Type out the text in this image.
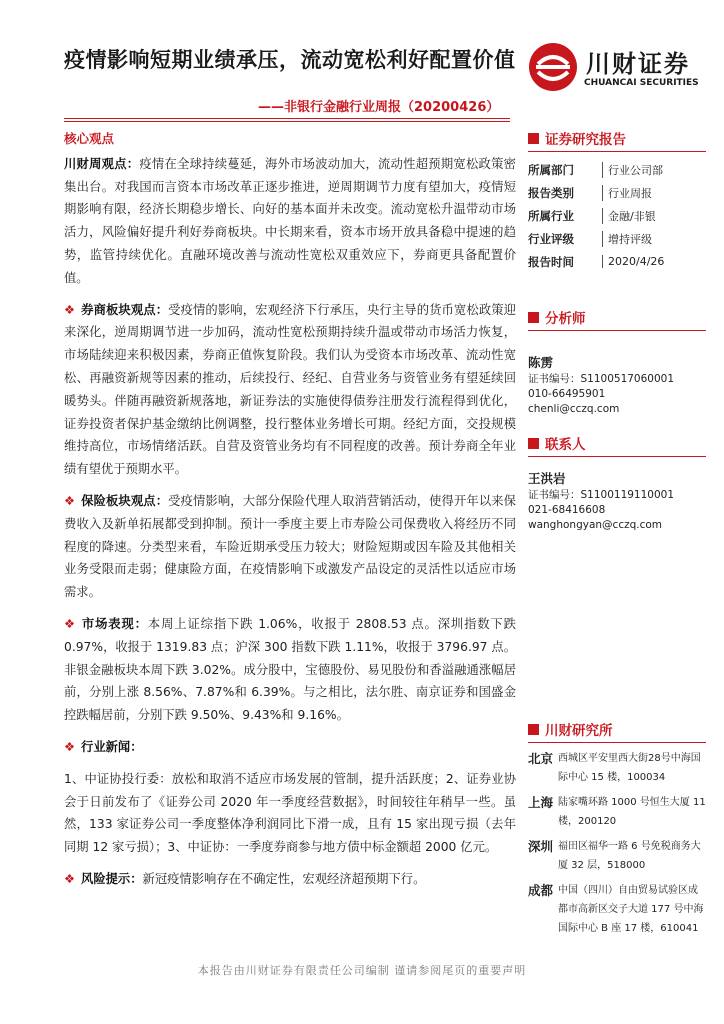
疫情影响短期业绩承压，流动宽松利好配置价值
——非银行金融行业周报（20200426）
川财证券
CHUANCAI SECURITIES
核心观点

川财周观点：疫情在全球持续蔓延，海外市场波动加大，流动性超预期宽松政策密集出台。对我国而言资本市场改革正逐步推进，逆周期调节力度有望加大，疫情短期影响有限，经济长期稳步增长、向好的基本面并未改变。流动宽松升温带动市场活力，风险偏好提升利好券商板块。中长期来看，资本市场开放具备稳中提速的趋势，监管持续优化。直融环境改善与流动性宽松双重效应下，券商更具备配置价值。

❖ 券商板块观点：受疫情的影响，宏观经济下行承压，央行主导的货币宽松政策迎来深化，逆周期调节进一步加码，流动性宽松预期持续升温或带动市场活力恢复，市场陆续迎来积极因素，券商正值恢复阶段。我们认为受资本市场改革、流动性宽松、再融资新规等因素的推动，后续投行、经纪、自营业务与资管业务有望延续回暖势头。伴随再融资新规落地，新证券法的实施使得债券注册发行流程得到优化，证券投资者保护基金缴纳比例调整，投行整体业务增长可期。经纪方面，交投规模维持高位，市场情绪活跃。自营及资管业务均有不同程度的改善。预计券商全年业绩有望优于预期水平。

❖ 保险板块观点：受疫情影响，大部分保险代理人取消营销活动，使得开年以来保费收入及新单拓展都受到抑制。预计一季度主要上市寿险公司保费收入将经历不同程度的降速。分类型来看，车险近期承受压力较大；财险短期或因车险及其他相关业务受限而走弱；健康险方面，在疫情影响下或激发产品设定的灵活性以适应市场需求。

❖ 市场表现：本周上证综指下跌 1.06%，收报于 2808.53 点。深圳指数下跌 0.97%，收报于 1319.83 点；沪深 300 指数下跌 1.11%，收报于 3796.97 点。非银金融板块本周下跌 3.02%。成分股中，宝德股份、易见股份和香溢融通涨幅居前，分别上涨 8.56%、7.87%和 6.39%。与之相比，法尔胜、南京证券和国盛金控跌幅居前，分别下跌 9.50%、9.43%和 9.16%。

❖ 行业新闻：

1、中证协投行委：放松和取消不适应市场发展的管制，提升活跃度；2、证券业协会于日前发布了《证券公司 2020 年一季度经营数据》，时间较往年稍早一些。虽然，133 家证券公司一季度整体净利润同比下滑一成，且有 15 家出现亏损（去年同期 12 家亏损）；3、中证协：一季度券商参与地方债中标金额超 2000 亿元。

❖ 风险提示：新冠疫情影响存在不确定性，宏观经济超预期下行。

证券研究报告
所属部门	行业公司部
报告类别	行业周报
所属行业	金融/非银
行业评级	增持评级
报告时间	2020/4/26
分析师
陈雳
证书编号：S1100517060001
010-66495901
chenli@cczq.com
联系人
王洪岩
证书编号：S1100119110001
021-68416608
wanghongyan@cczq.com
川财研究所
北京 西城区平安里西大街28号中海国际中心 15 楼，100034
上海 陆家嘴环路 1000 号恒生大厦 11 楼，200120
深圳 福田区福华一路 6 号免税商务大厦 32 层，518000
成都 中国（四川）自由贸易试验区成都市高新区交子大道 177 号中海国际中心 B 座 17 楼，610041
本报告由川财证券有限责任公司编制 谨请参阅尾页的重要声明
